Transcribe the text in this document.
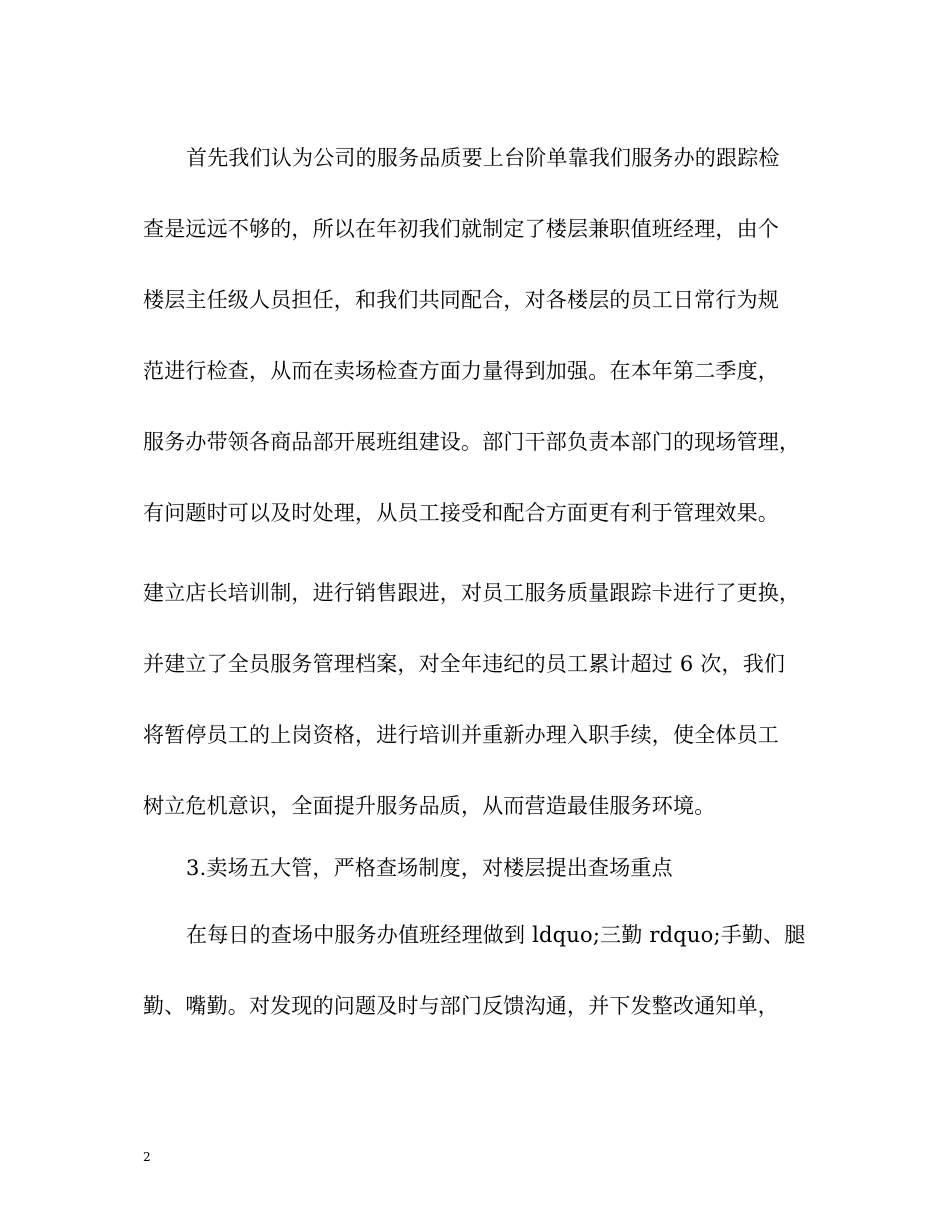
首先我们认为公司的服务品质要上台阶单靠我们服务办的跟踪检
查是远远不够的，所以在年初我们就制定了楼层兼职值班经理，由个
楼层主任级人员担任，和我们共同配合，对各楼层的员工日常行为规
范进行检查，从而在卖场检查方面力量得到加强。在本年第二季度，
服务办带领各商品部开展班组建设。部门干部负责本部门的现场管理，
有问题时可以及时处理，从员工接受和配合方面更有利于管理效果。
建立店长培训制，进行销售跟进，对员工服务质量跟踪卡进行了更换，
并建立了全员服务管理档案，对全年违纪的员工累计超过 6 次，我们
将暂停员工的上岗资格，进行培训并重新办理入职手续，使全体员工
树立危机意识，全面提升服务品质，从而营造最佳服务环境。
3.卖场五大管，严格查场制度，对楼层提出查场重点
在每日的查场中服务办值班经理做到 ldquo;三勤 rdquo;手勤、腿
勤、嘴勤。对发现的问题及时与部门反馈沟通，并下发整改通知单，
2
